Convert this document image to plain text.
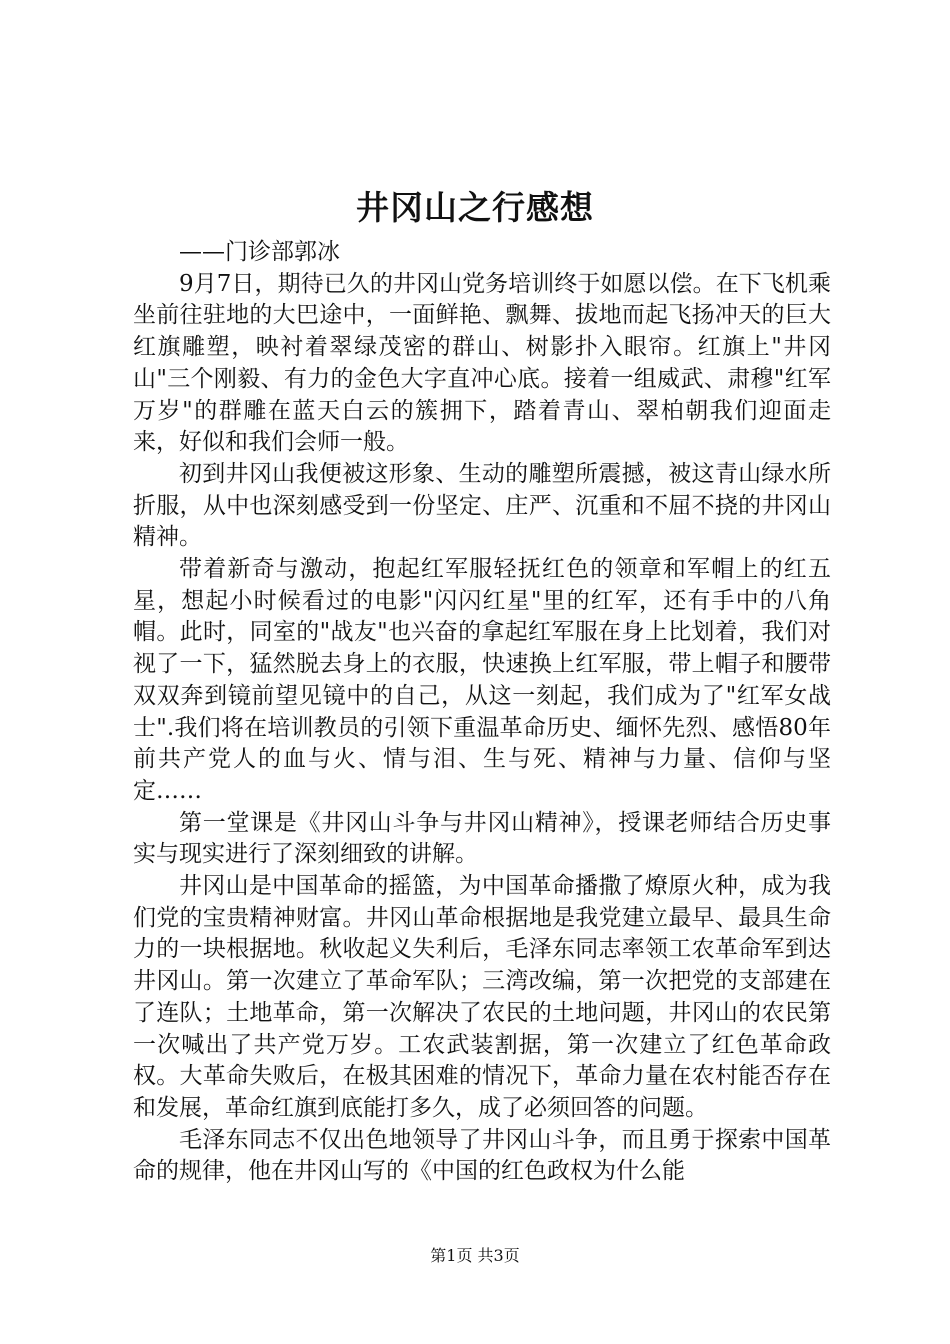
井冈山之行感想

——门诊部郭冰

9月7日，期待已久的井冈山党务培训终于如愿以偿。在下飞机乘坐前往驻地的大巴途中，一面鲜艳、飘舞、拔地而起飞扬冲天的巨大红旗雕塑，映衬着翠绿茂密的群山、树影扑入眼帘。红旗上"井冈山"三个刚毅、有力的金色大字直冲心底。接着一组威武、肃穆"红军万岁"的群雕在蓝天白云的簇拥下，踏着青山、翠柏朝我们迎面走来，好似和我们会师一般。

初到井冈山我便被这形象、生动的雕塑所震撼，被这青山绿水所折服，从中也深刻感受到一份坚定、庄严、沉重和不屈不挠的井冈山精神。

带着新奇与激动，抱起红军服轻抚红色的领章和军帽上的红五星，想起小时候看过的电影"闪闪红星"里的红军，还有手中的八角帽。此时，同室的"战友"也兴奋的拿起红军服在身上比划着，我们对视了一下，猛然脱去身上的衣服，快速换上红军服，带上帽子和腰带双双奔到镜前望见镜中的自己，从这一刻起，我们成为了"红军女战士".我们将在培训教员的引领下重温革命历史、缅怀先烈、感悟80年前共产党人的血与火、情与泪、生与死、精神与力量、信仰与坚定……

第一堂课是《井冈山斗争与井冈山精神》，授课老师结合历史事实与现实进行了深刻细致的讲解。

井冈山是中国革命的摇篮，为中国革命播撒了燎原火种，成为我们党的宝贵精神财富。井冈山革命根据地是我党建立最早、最具生命力的一块根据地。秋收起义失利后，毛泽东同志率领工农革命军到达井冈山。第一次建立了革命军队；三湾改编，第一次把党的支部建在了连队；土地革命，第一次解决了农民的土地问题，井冈山的农民第一次喊出了共产党万岁。工农武装割据，第一次建立了红色革命政权。大革命失败后，在极其困难的情况下，革命力量在农村能否存在和发展，革命红旗到底能打多久，成了必须回答的问题。

毛泽东同志不仅出色地领导了井冈山斗争，而且勇于探索中国革命的规律，他在井冈山写的《中国的红色政权为什么能

第1页 共3页
